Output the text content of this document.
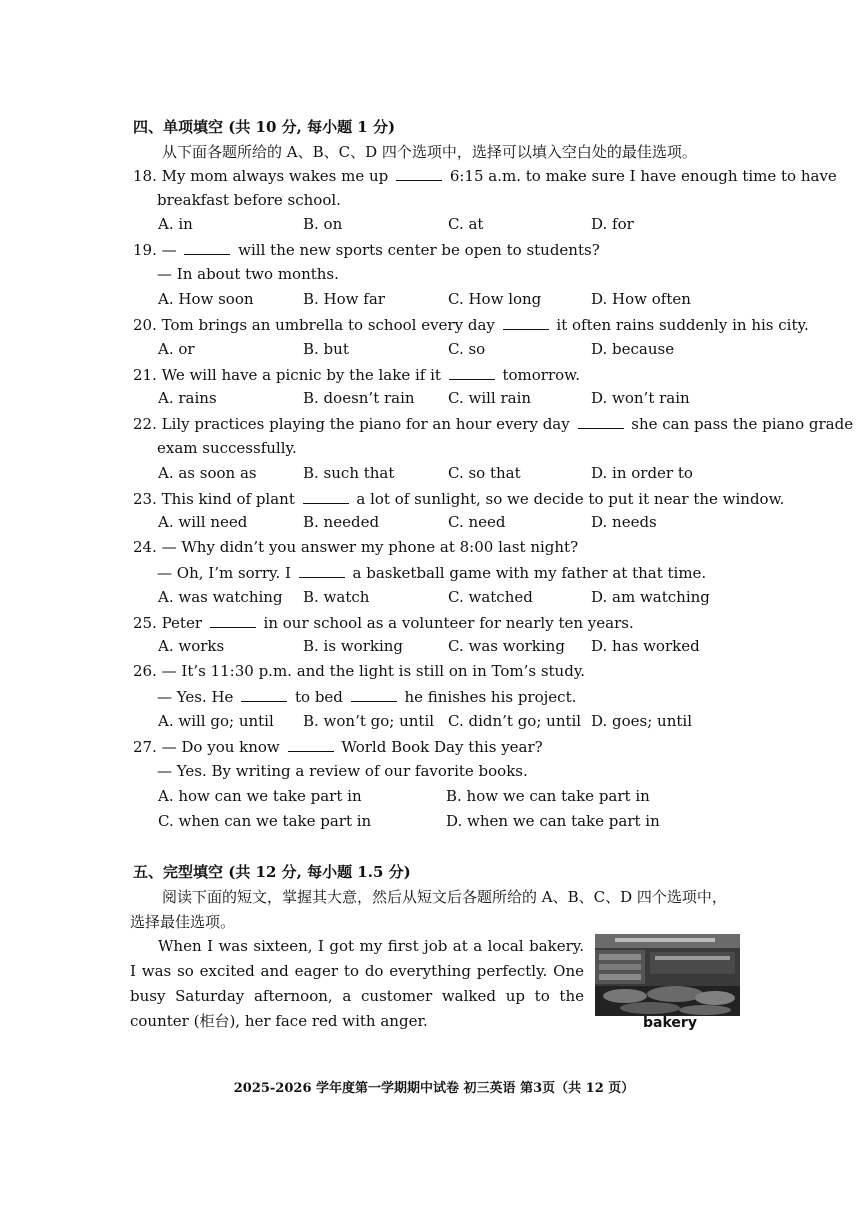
四、单项填空 (共 10 分, 每小题 1 分)
从下面各题所给的 A、B、C、D 四个选项中，选择可以填入空白处的最佳选项。
18. My mom always wakes me up	6:15 a.m. to make sure I have enough time to have
breakfast before school.
A. in	B. on	C. at	D. for
19. —	will the new sports center be open to students?
— In about two months.
A. How soon	B. How far	C. How long	D. How often
20. Tom brings an umbrella to school every day	it often rains suddenly in his city.
A. or	B. but	C. so	D. because
21. We will have a picnic by the lake if it	tomorrow.
A. rains	B. doesn’t rain C. will rain	D. won’t rain
22. Lily practices playing the piano for an hour every day	she can pass the piano grade
exam successfully.
A. as soon as	B. such that	C. so that	D. in order to
23. This kind of plant	a lot of sunlight, so we decide to put it near the window.
A. will need	B. needed	C. need	D. needs
24. — Why didn’t you answer my phone at 8:00 last night?
— Oh, I’m sorry. I	a basketball game with my father at that time.
A. was watching B. watch	C. watched	D. am watching
25. Peter	in our school as a volunteer for nearly ten years.
A. works	B. is working	C. was working D. has worked
26. — It’s 11:30 p.m. and the light is still on in Tom’s study.
— Yes. He	to bed	he finishes his project.
A. will go; until B. won’t go; until C. didn’t go; until D. goes; until
27. — Do you know	World Book Day this year?
— Yes. By writing a review of our favorite books.
A. how can we take part in	B. how we can take part in
C. when can we take part in	D. when we can take part in
五、完型填空 (共 12 分, 每小题 1.5 分)
阅读下面的短文，掌握其大意，然后从短文后各题所给的 A、B、C、D 四个选项中，
选择最佳选项。
When I was sixteen, I got my first job at a local bakery. I was so excited and eager to do everything perfectly. One busy Saturday afternoon, a customer walked up to the counter (柜台), her face red with anger.	bakery
2025-2026 学年度第一学期期中试卷 初三英语 第3页（共 12 页）
